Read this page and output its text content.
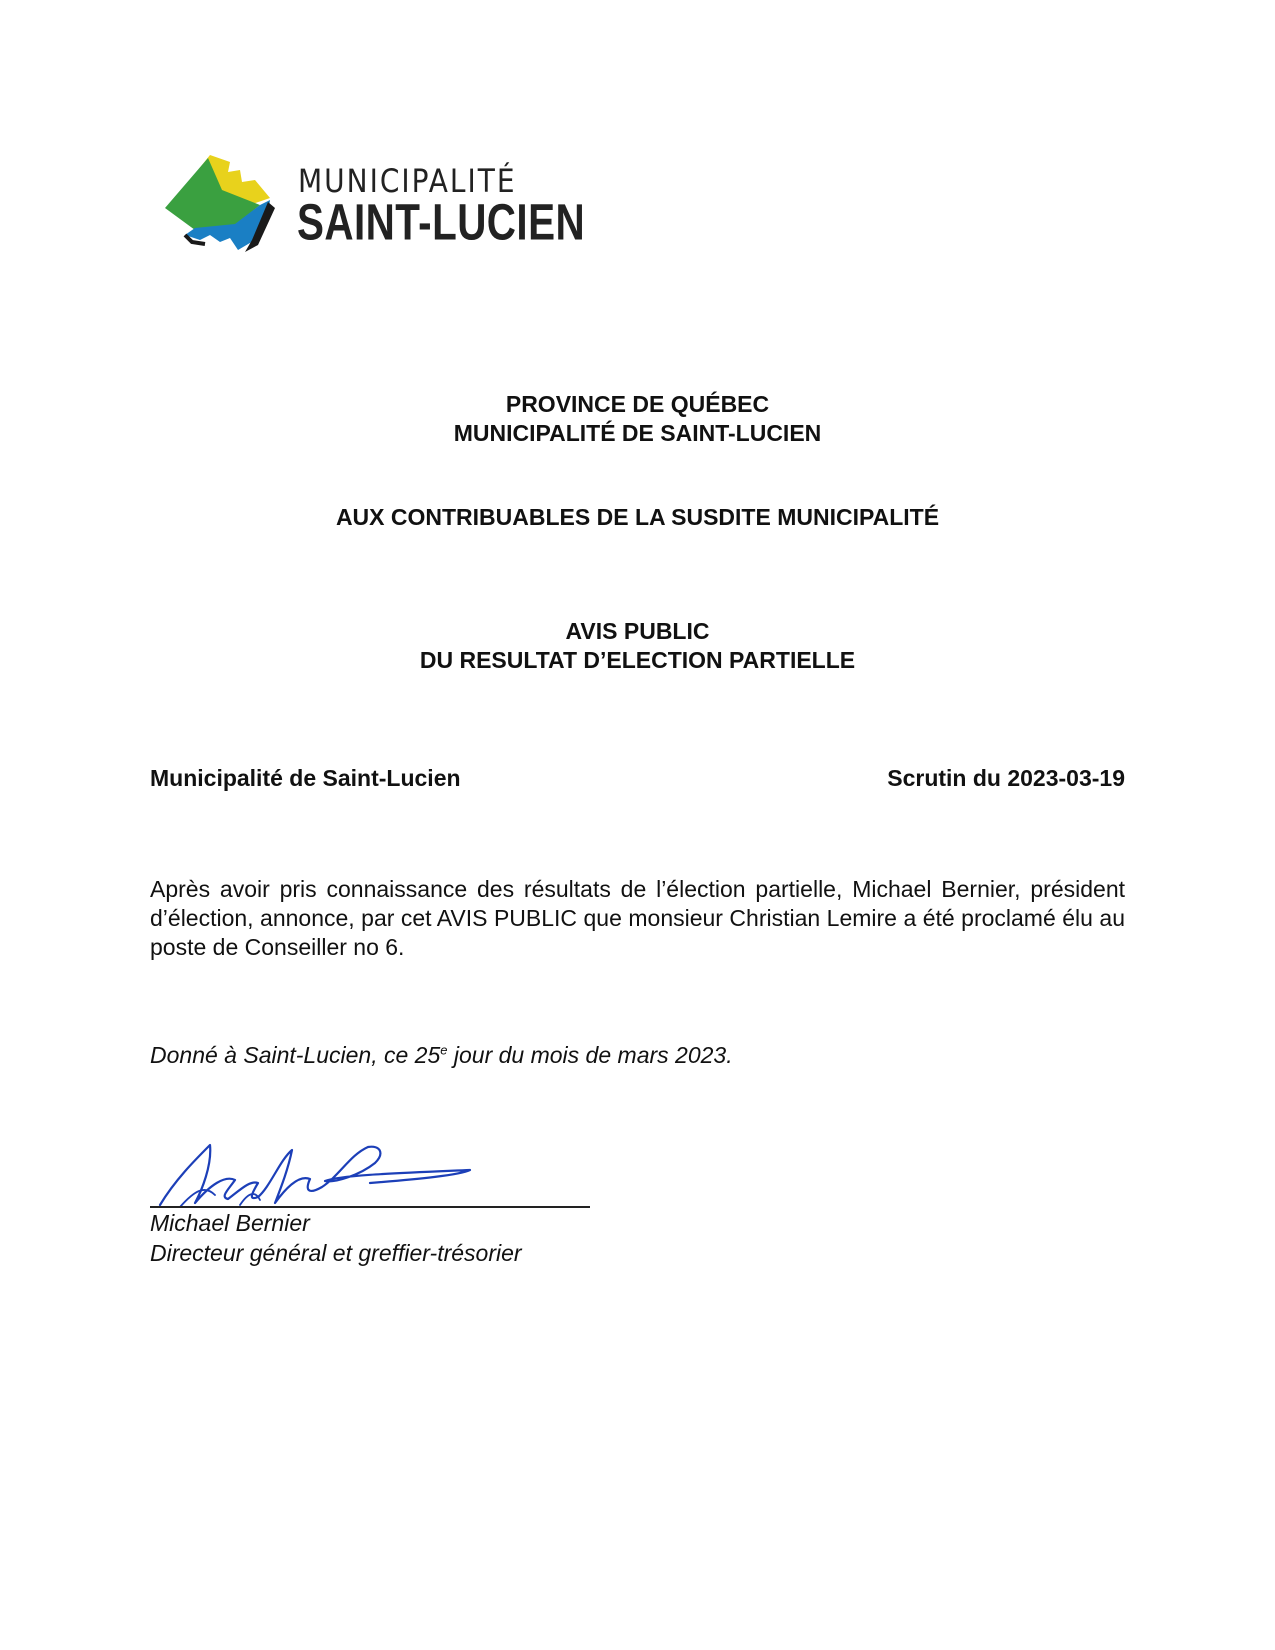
MUNICIPALITÉ
SAINT-LUCIEN
PROVINCE DE QUÉBEC
MUNICIPALITÉ DE SAINT-LUCIEN
AUX CONTRIBUABLES DE LA SUSDITE MUNICIPALITÉ
AVIS PUBLIC
DU RESULTAT D’ELECTION PARTIELLE
Municipalité de Saint-Lucien	Scrutin du 2023-03-19
Après avoir pris connaissance des résultats de l’élection partielle, Michael Bernier, président d’élection, annonce, par cet AVIS PUBLIC que monsieur Christian Lemire a été proclamé élu au poste de Conseiller no 6.
Donné à Saint-Lucien, ce 25e jour du mois de mars 2023.
Michael Bernier
Directeur général et greffier-trésorier
